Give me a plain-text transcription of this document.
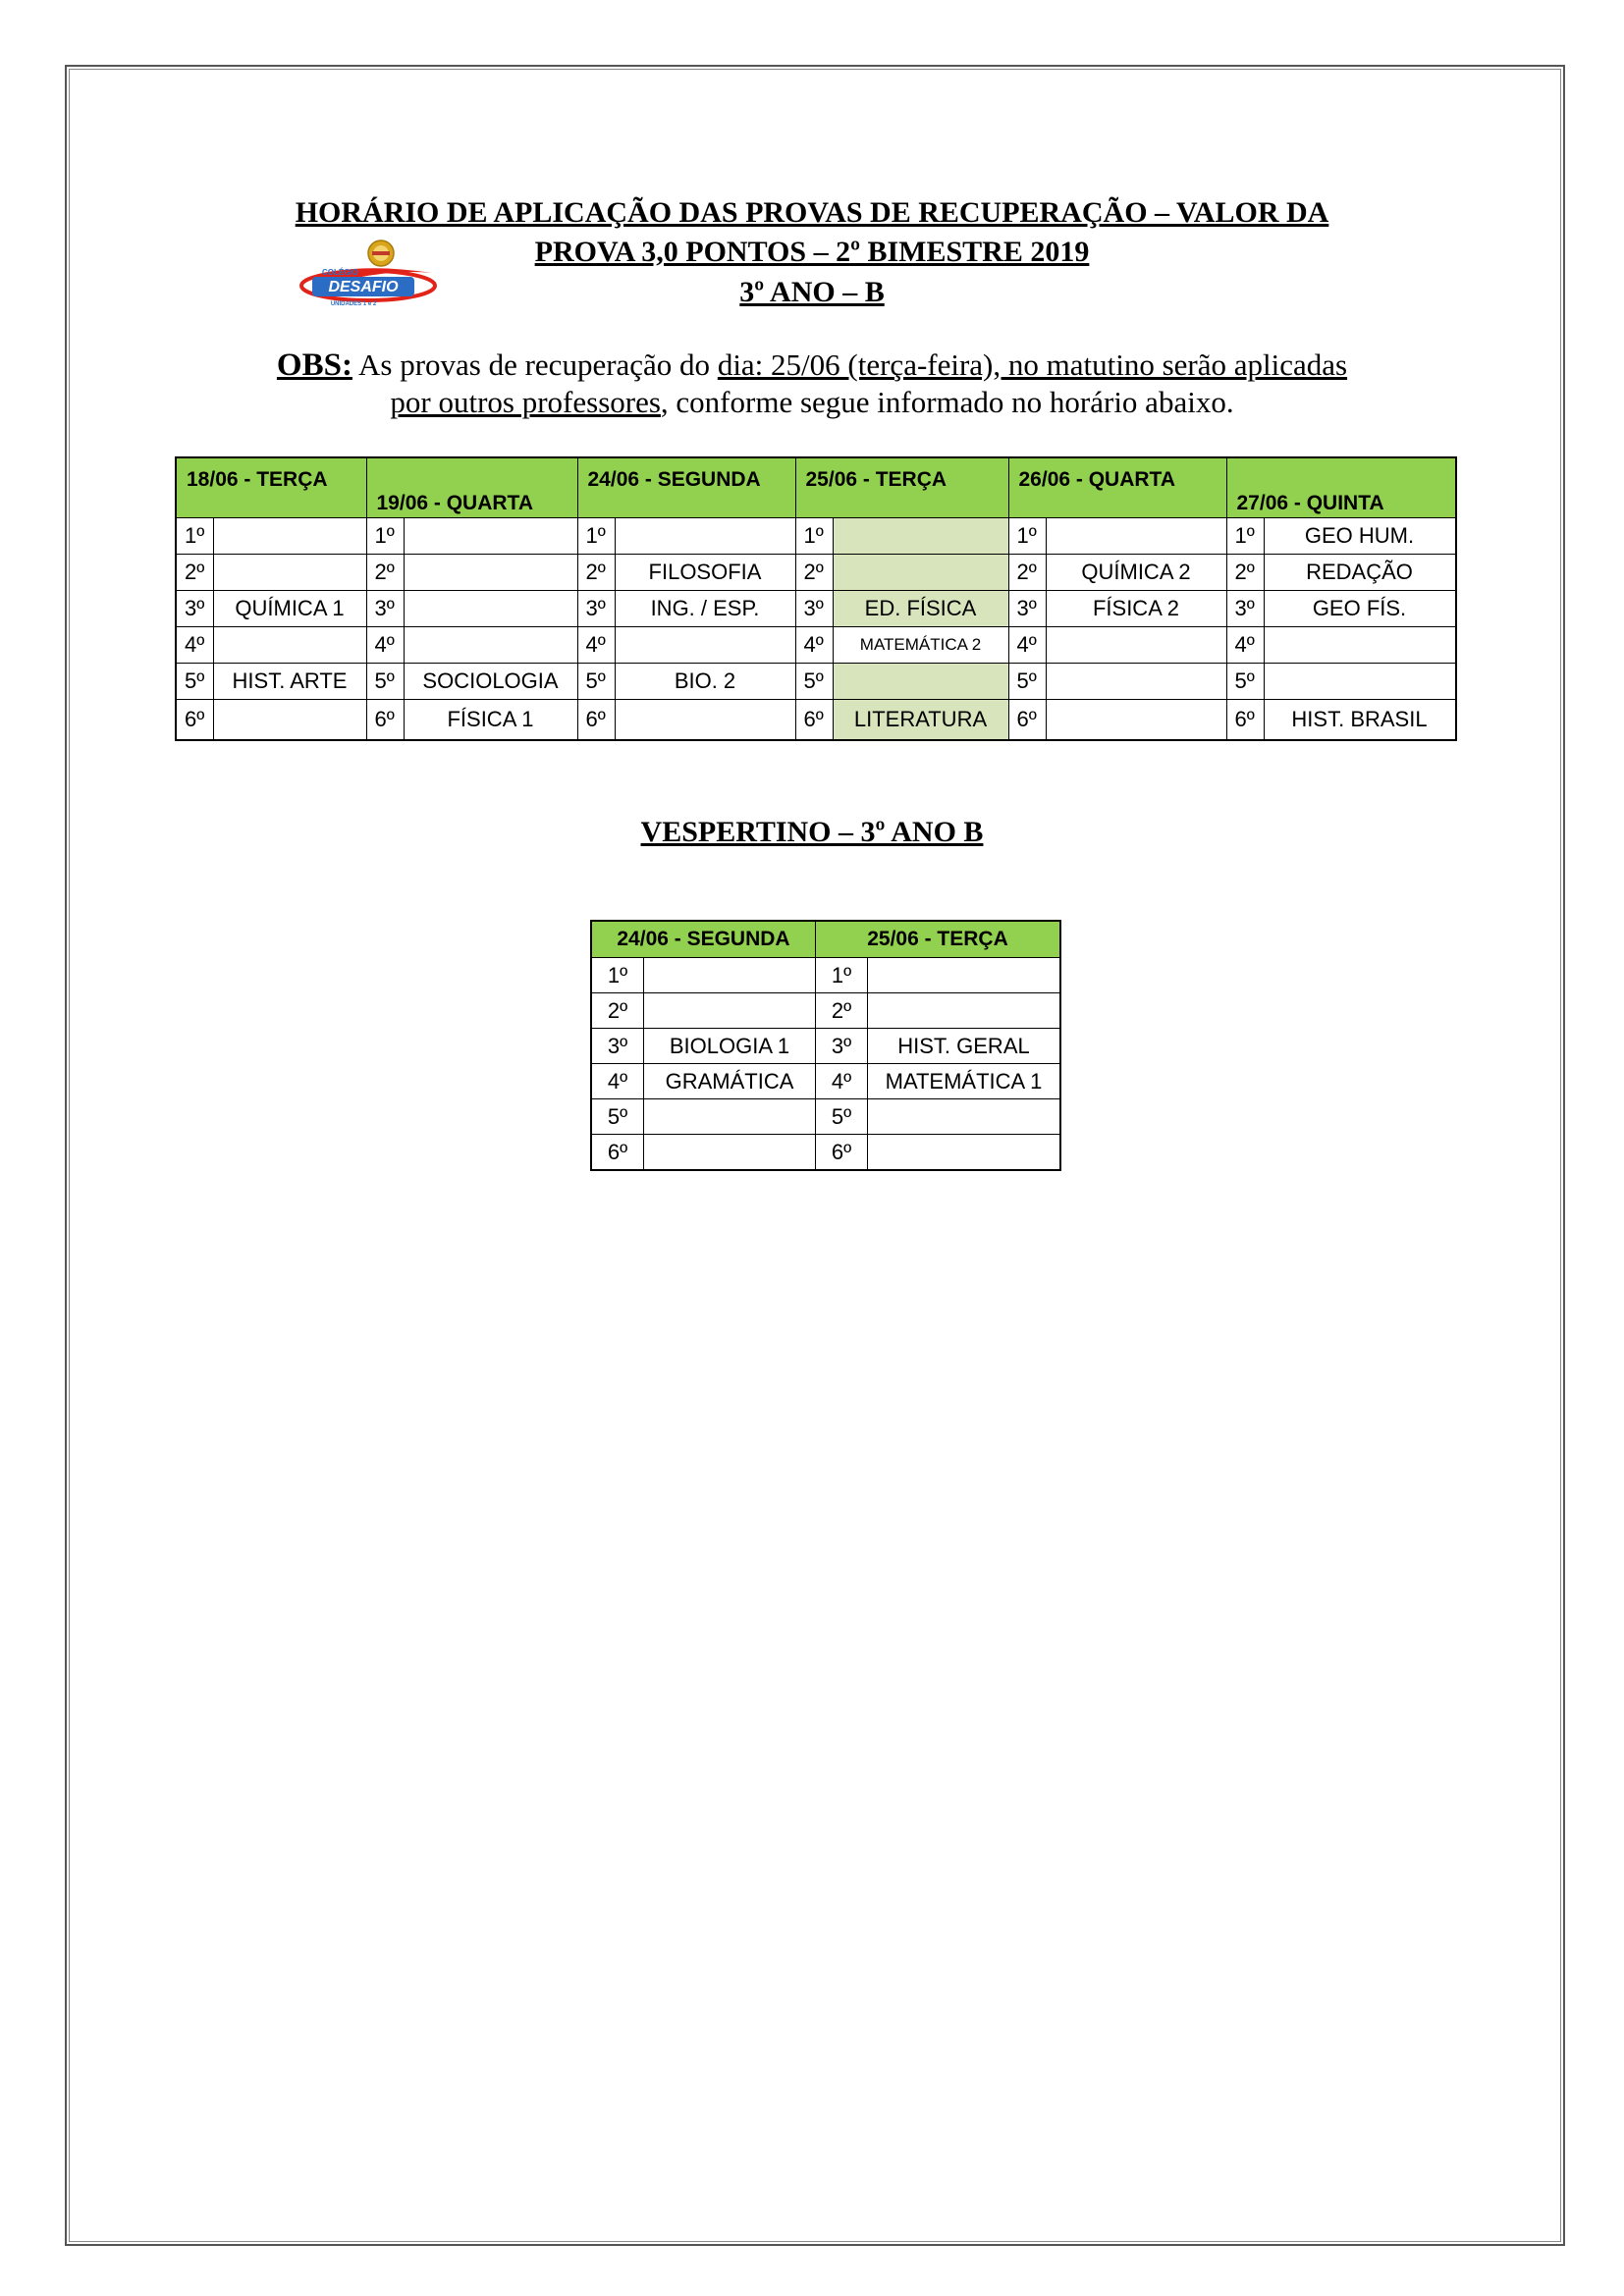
HORÁRIO DE APLICAÇÃO DAS PROVAS DE RECUPERAÇÃO – VALOR DA
PROVA 3,0 PONTOS – 2º BIMESTRE 2019
3º ANO – B
COLÉGIO
DESAFIO
UNIDADES 1 e 2
OBS: As provas de recuperação do dia: 25/06 (terça-feira), no matutino serão aplicadas
por outros professores, conforme segue informado no horário abaixo.
18/06 - TERÇA		19/06 - QUARTA		24/06 - SEGUNDA		25/06 - TERÇA		26/06 - QUARTA		27/06 - QUINTA	
1º		1º		1º		1º		1º		1º	GEO HUM.
2º		2º		2º	FILOSOFIA	2º		2º	QUÍMICA 2	2º	REDAÇÃO
3º	QUÍMICA 1	3º		3º	ING. / ESP.	3º	ED. FÍSICA	3º	FÍSICA 2	3º	GEO FÍS.
4º		4º		4º		4º	MATEMÁTICA 2	4º		4º	
5º	HIST. ARTE	5º	SOCIOLOGIA	5º	BIO. 2	5º		5º		5º	
6º		6º	FÍSICA 1	6º		6º	LITERATURA	6º		6º	HIST. BRASIL
VESPERTINO – 3º ANO B
24/06 - SEGUNDA		25/06 - TERÇA	
1º		1º	
2º		2º	
3º	BIOLOGIA 1	3º	HIST. GERAL
4º	GRAMÁTICA	4º	MATEMÁTICA 1
5º		5º	
6º		6º	
